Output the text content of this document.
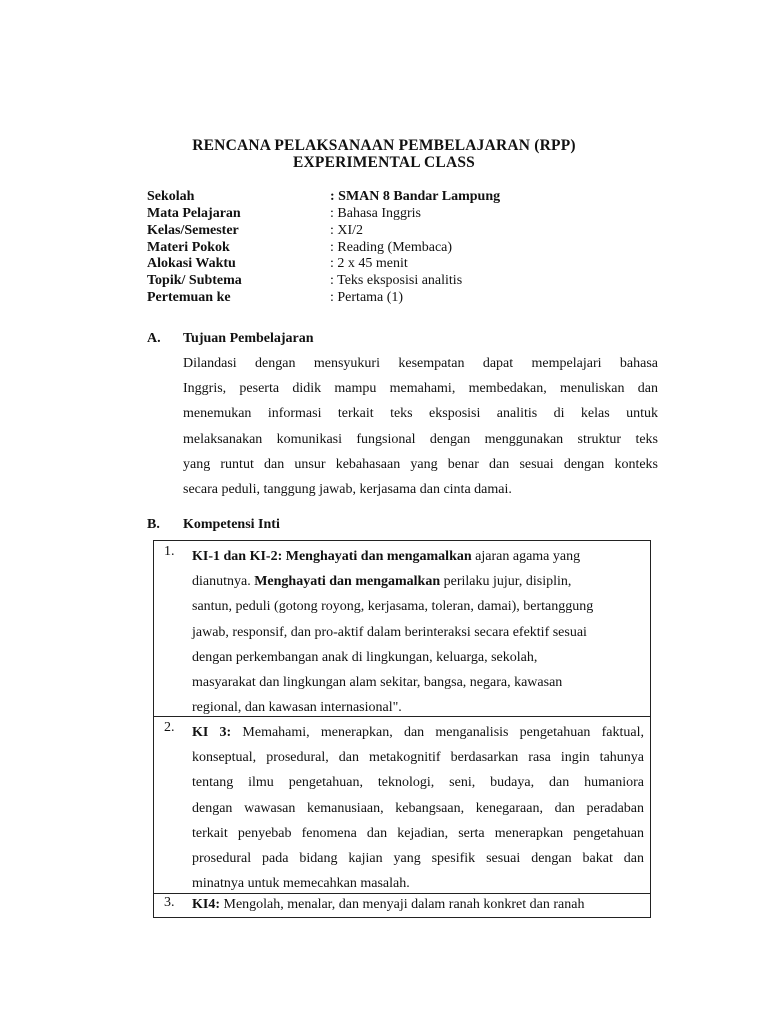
RENCANA PELAKSANAAN PEMBELAJARAN (RPP)
EXPERIMENTAL CLASS
Sekolah	: SMAN 8 Bandar Lampung
Mata Pelajaran	: Bahasa Inggris
Kelas/Semester	: XI/2
Materi Pokok	: Reading (Membaca)
Alokasi Waktu	: 2 x 45 menit
Topik/ Subtema	: Teks eksposisi analitis
Pertemuan ke	: Pertama (1)
A. Tujuan Pembelajaran
Dilandasi dengan mensyukuri kesempatan dapat mempelajari bahasa
Inggris, peserta didik mampu memahami, membedakan, menuliskan dan
menemukan informasi terkait teks eksposisi analitis di kelas untuk
melaksanakan komunikasi fungsional dengan menggunakan struktur teks
yang runtut dan unsur kebahasaan yang benar dan sesuai dengan konteks
secara peduli, tanggung jawab, kerjasama dan cinta damai.
B. Kompetensi Inti
1. KI-1 dan KI-2: Menghayati dan mengamalkan ajaran agama yang
dianutnya. Menghayati dan mengamalkan perilaku jujur, disiplin,
santun, peduli (gotong royong, kerjasama, toleran, damai), bertanggung
jawab, responsif, dan pro-aktif dalam berinteraksi secara efektif sesuai
dengan perkembangan anak di lingkungan, keluarga, sekolah,
masyarakat dan lingkungan alam sekitar, bangsa, negara, kawasan
regional, dan kawasan internasional".
2. KI 3: Memahami, menerapkan, dan menganalisis pengetahuan faktual,
konseptual, prosedural, dan metakognitif berdasarkan rasa ingin tahunya
tentang ilmu pengetahuan, teknologi, seni, budaya, dan humaniora
dengan wawasan kemanusiaan, kebangsaan, kenegaraan, dan peradaban
terkait penyebab fenomena dan kejadian, serta menerapkan pengetahuan
prosedural pada bidang kajian yang spesifik sesuai dengan bakat dan
minatnya untuk memecahkan masalah.
3. KI4: Mengolah, menalar, dan menyaji dalam ranah konkret dan ranah
